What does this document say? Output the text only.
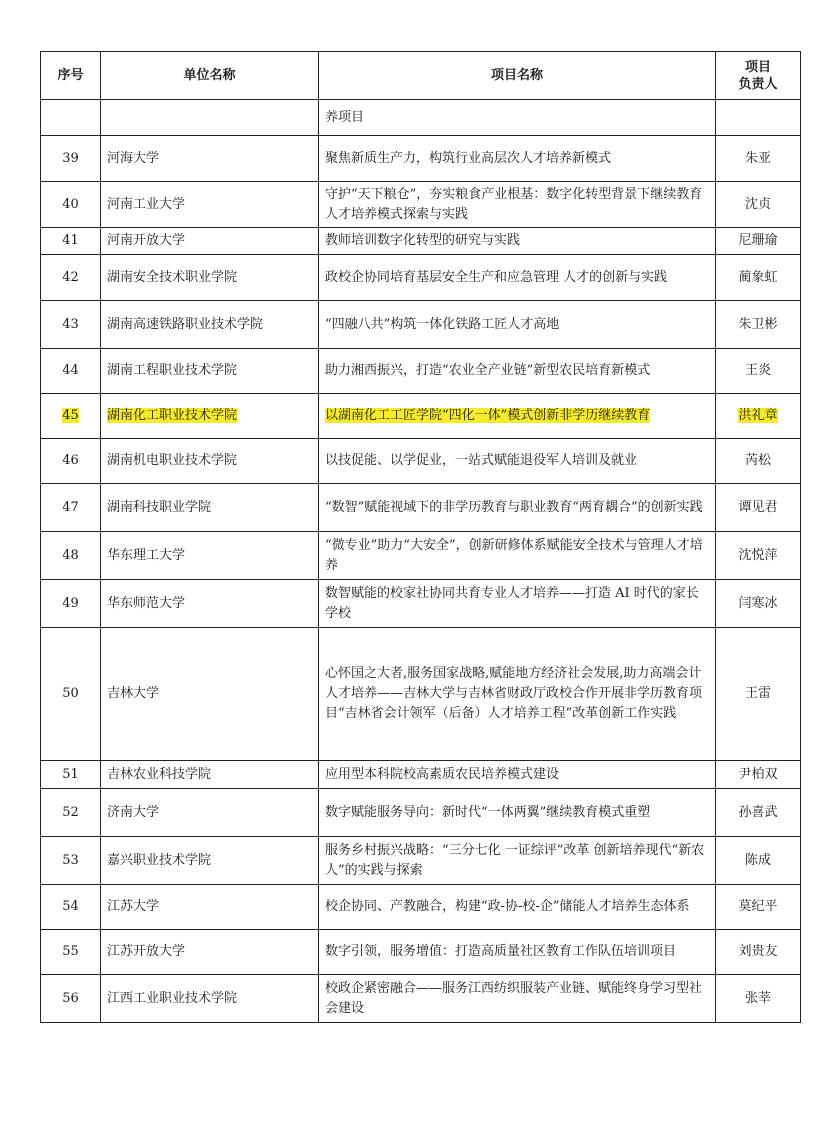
序号	单位名称	项目名称	项目
负责人

		养项目	
39	河海大学	聚焦新质生产力，构筑行业高层次人才培养新模式	朱亚
40	河南工业大学	守护“天下粮仓”，夯实粮食产业根基：数字化转型背景下继续教育人才培养模式探索与实践	沈贞
41	河南开放大学	教师培训数字化转型的研究与实践	尼珊瑜
42	湖南安全技术职业学院	政校企协同培育基层安全生产和应急管理 人才的创新与实践	蔺象虹
43	湖南高速铁路职业技术学院	“四融八共”构筑一体化铁路工匠人才高地	朱卫彬
44	湖南工程职业技术学院	助力湘西振兴，打造“农业全产业链”新型农民培育新模式	王炎
45	湖南化工职业技术学院	以湖南化工工匠学院“四化一体”模式创新非学历继续教育	洪礼章
46	湖南机电职业技术学院	以技促能、以学促业，一站式赋能退役军人培训及就业	芮松
47	湖南科技职业学院	“数智”赋能视域下的非学历教育与职业教育“两育耦合”的创新实践	谭见君
48	华东理工大学	“微专业”助力“大安全”，创新研修体系赋能安全技术与管理人才培养	沈悦萍
49	华东师范大学	数智赋能的校家社协同共育专业人才培养——打造 AI 时代的家长学校	闫寒冰
50	吉林大学	心怀国之大者,服务国家战略,赋能地方经济社会发展,助力高端会计人才培养——吉林大学与吉林省财政厅政校合作开展非学历教育项目“吉林省会计领军（后备）人才培养工程”改革创新工作实践	王雷
51	吉林农业科技学院	应用型本科院校高素质农民培养模式建设	尹柏双
52	济南大学	数字赋能服务导向：新时代“一体两翼”继续教育模式重塑	孙喜武
53	嘉兴职业技术学院	服务乡村振兴战略：“三分七化 一证综评”改革 创新培养现代“新农人”的实践与探索	陈成
54	江苏大学	校企协同、产教融合，构建“政-协-校-企”储能人才培养生态体系	莫纪平
55	江苏开放大学	数字引领，服务增值：打造高质量社区教育工作队伍培训项目	刘贵友
56	江西工业职业技术学院	校政企紧密融合——服务江西纺织服装产业链、赋能终身学习型社会建设	张莘
